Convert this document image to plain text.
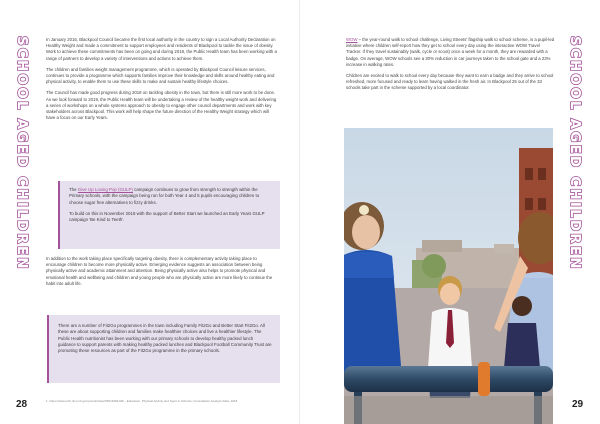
SCHOOL AGED CHILDREN	In January 2016, Blackpool Council became the first local authority in the country to sign a Local Authority Declaration on Healthy Weight and made a commitment to support employees and residents of Blackpool to tackle the issue of obesity. Work to achieve these commitments has been on going and during 2018, the Public Health team has been working with a range of partners to develop a variety of interventions and actions to achieve them.

The children and families weight management programme, which is operated by Blackpool Council leisure services, continues to provide a programme which supports families improve their knowledge and skills around healthy eating and physical activity, to enable them to use these skills to make and sustain healthy lifestyle choices.

The Council has made good progress during 2018 on tackling obesity in the town, but there is still more work to be done. As we look forward to 2019, the Public Health team will be undertaking a review of the healthy weight work and delivering a series of workshops on a whole systems approach to obesity to engage other council departments and work with key stakeholders across Blackpool. This work will help shape the future direction of the Healthy Weight strategy which will have a focus on our Early Years.

The Give Up Loving Pop (GULP) campaign continues to grow from strength to strength within the Primary schools, with the campaign being run for both Year 4 and 5 pupils encouraging children to choose sugar free alternatives to fizzy drinks.

To build on this in November 2018 with the support of Better Start we launched an Early Years GULP campaign 'Be Kind to Teeth'.

In addition to the work taking place specifically targeting obesity, there is complementary activity taking place to encourage children to become more physically active. Emerging evidence suggests an association between being physically active and academic attainment and attention. Being physically active also helps to promote physical and emotional health and wellbeing and children and young people who are physically active are more likely to continue the habit into adult life.

There are a number of Fit2Go programmes in the town including Family Fit2Go and Better Start Fit2Go. All these are about supporting children and families make healthier choices and live a healthier lifestyle. The Public Health nutritionist has been working with our primary schools to develop healthy packed lunch guidance to support parents with making healthy packed lunches and Blackpool Football Community Trust are promoting these resources as part of the Fit2Go programme in the primary schools.

28	1. https://www.ncbi.nlm.nih.gov/pmc/articles/PMC4993146/ - Education, Physical Activity and Sport in Schools: Consultation Analysis Data, 2018

WOW – the year-round walk to school challenge, Living Streets' flagship walk to school scheme, is a pupil-led initiative where children self-report how they get to school every day using the interactive WOW Travel Tracker. If they travel sustainably (walk, cycle or scoot) once a week for a month, they are rewarded with a badge. On average, WOW schools see a 30% reduction in car journeys taken to the school gate and a 23% increase in walking rates.

Children are excited to walk to school every day because they want to earn a badge and they arrive to school refreshed, more focused and ready to learn having walked in the fresh air. In Blackpool 25 out of the 33 schools take part in the scheme supported by a local coordinator.	SCHOOL AGED CHILDREN
29
